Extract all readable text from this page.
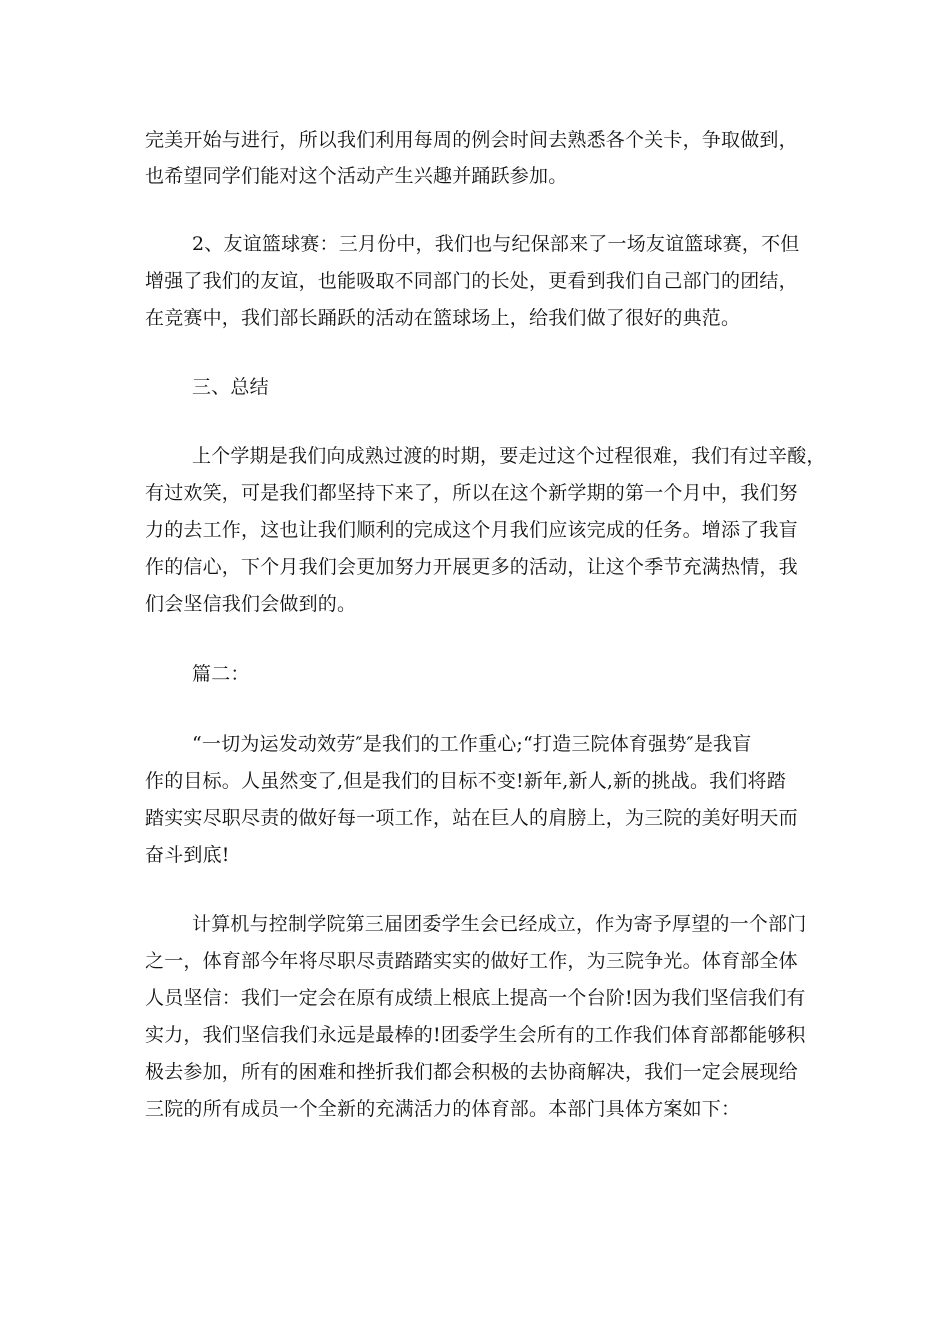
完美开始与进行，所以我们利用每周的例会时间去熟悉各个关卡，争取做到，
也希望同学们能对这个活动产生兴趣并踊跃参加。
2、友谊篮球赛：三月份中，我们也与纪保部来了一场友谊篮球赛，不但
增强了我们的友谊，也能吸取不同部门的长处，更看到我们自己部门的团结，
在竞赛中，我们部长踊跃的活动在篮球场上，给我们做了很好的典范。
三、总结
上个学期是我们向成熟过渡的时期，要走过这个过程很难，我们有过辛酸，
有过欢笑，可是我们都坚持下来了，所以在这个新学期的第一个月中，我们努
力的去工作，这也让我们顺利的完成这个月我们应该完成的任务。增添了我盲
作的信心，下个月我们会更加努力开展更多的活动，让这个季节充满热情，我
们会坚信我们会做到的。
篇二：
“一切为运发动效劳″是我们的工作重心;“打造三院体育强势″是我盲
作的目标。人虽然变了,但是我们的目标不变!新年,新人,新的挑战。我们将踏
踏实实尽职尽责的做好每一项工作，站在巨人的肩膀上，为三院的美好明天而
奋斗到底!
计算机与控制学院第三届团委学生会已经成立，作为寄予厚望的一个部门
之一，体育部今年将尽职尽责踏踏实实的做好工作，为三院争光。体育部全体
人员坚信：我们一定会在原有成绩上根底上提高一个台阶!因为我们坚信我们有
实力，我们坚信我们永远是最棒的!团委学生会所有的工作我们体育部都能够积
极去参加，所有的困难和挫折我们都会积极的去协商解决，我们一定会展现给
三院的所有成员一个全新的充满活力的体育部。本部门具体方案如下：
